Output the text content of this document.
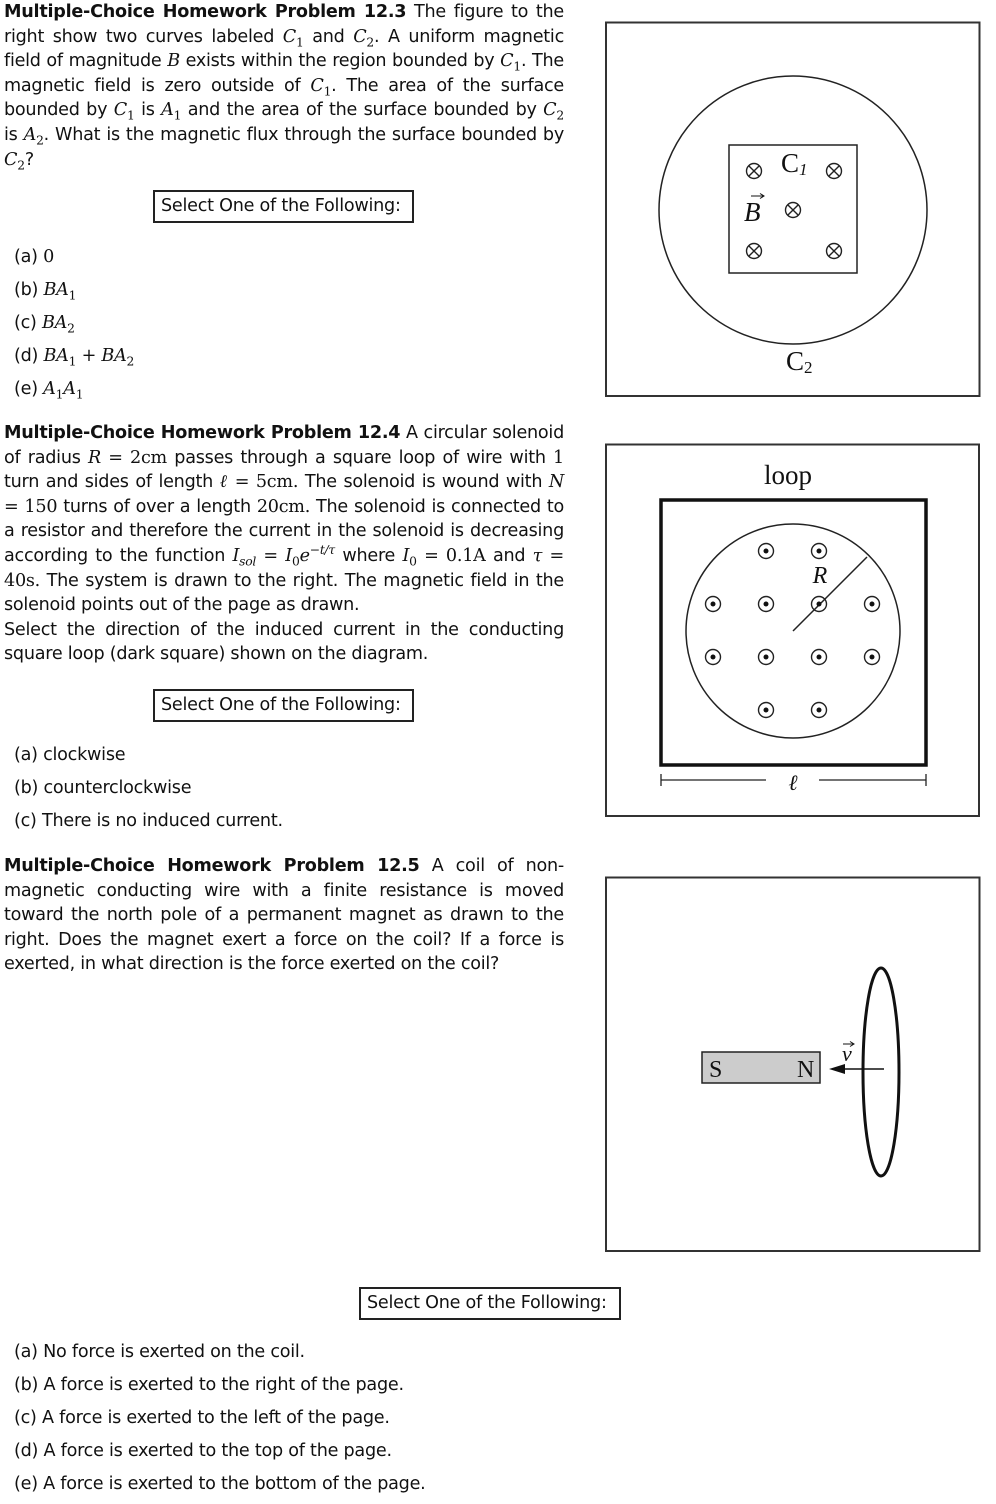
Multiple-Choice Homework Problem 12.3 The figure to the right show two curves labeled $C_1$ and $C_2$. A uniform magnetic field of magnitude B exists within the region bounded by $C_1$. The magnetic field is zero outside of $C_1$. The area of the surface bounded by $C_1$ is $A_1$ and the area of the surface bounded by $C_2$ is $A_2$. What is the magnetic flux through the surface bounded by $C_2$?
Select One of the Following:
(a) 0
(b) $BA_1$
(c) $BA_2$
(d) $BA_1 + BA_2$
(e) $A_1A_1$
C1
B
C2
Multiple-Choice Homework Problem 12.4 A circular solenoid of radius R = 2cm passes through a square loop of wire with 1 turn and sides of length ℓ = 5cm. The solenoid is wound with N = 150 turns of over a length 20cm. The solenoid is connected to a resistor and therefore the current in the solenoid is decreasing according to the function $I_{sol} = I_0e^{-t/\tau}$ where $I_0 = 0.1A$ and τ = 40s. The system is drawn to the right. The magnetic field in the solenoid points out of the page as drawn.
Select the direction of the induced current in the conducting square loop (dark square) shown on the diagram.
Select One of the Following:
(a) clockwise
(b) counterclockwise
(c) There is no induced current.
loop
R
ℓ
Multiple-Choice Homework Problem 12.5 A coil of non-magnetic conducting wire with a finite resistance is moved toward the north pole of a permanent magnet as drawn to the right. Does the magnet exert a force on the coil? If a force is exerted, in what direction is the force exerted on the coil?
Select One of the Following:
(a) No force is exerted on the coil.
(b) A force is exerted to the right of the page.
(c) A force is exerted to the left of the page.
(d) A force is exerted to the top of the page.
(e) A force is exerted to the bottom of the page.
S	N
v
